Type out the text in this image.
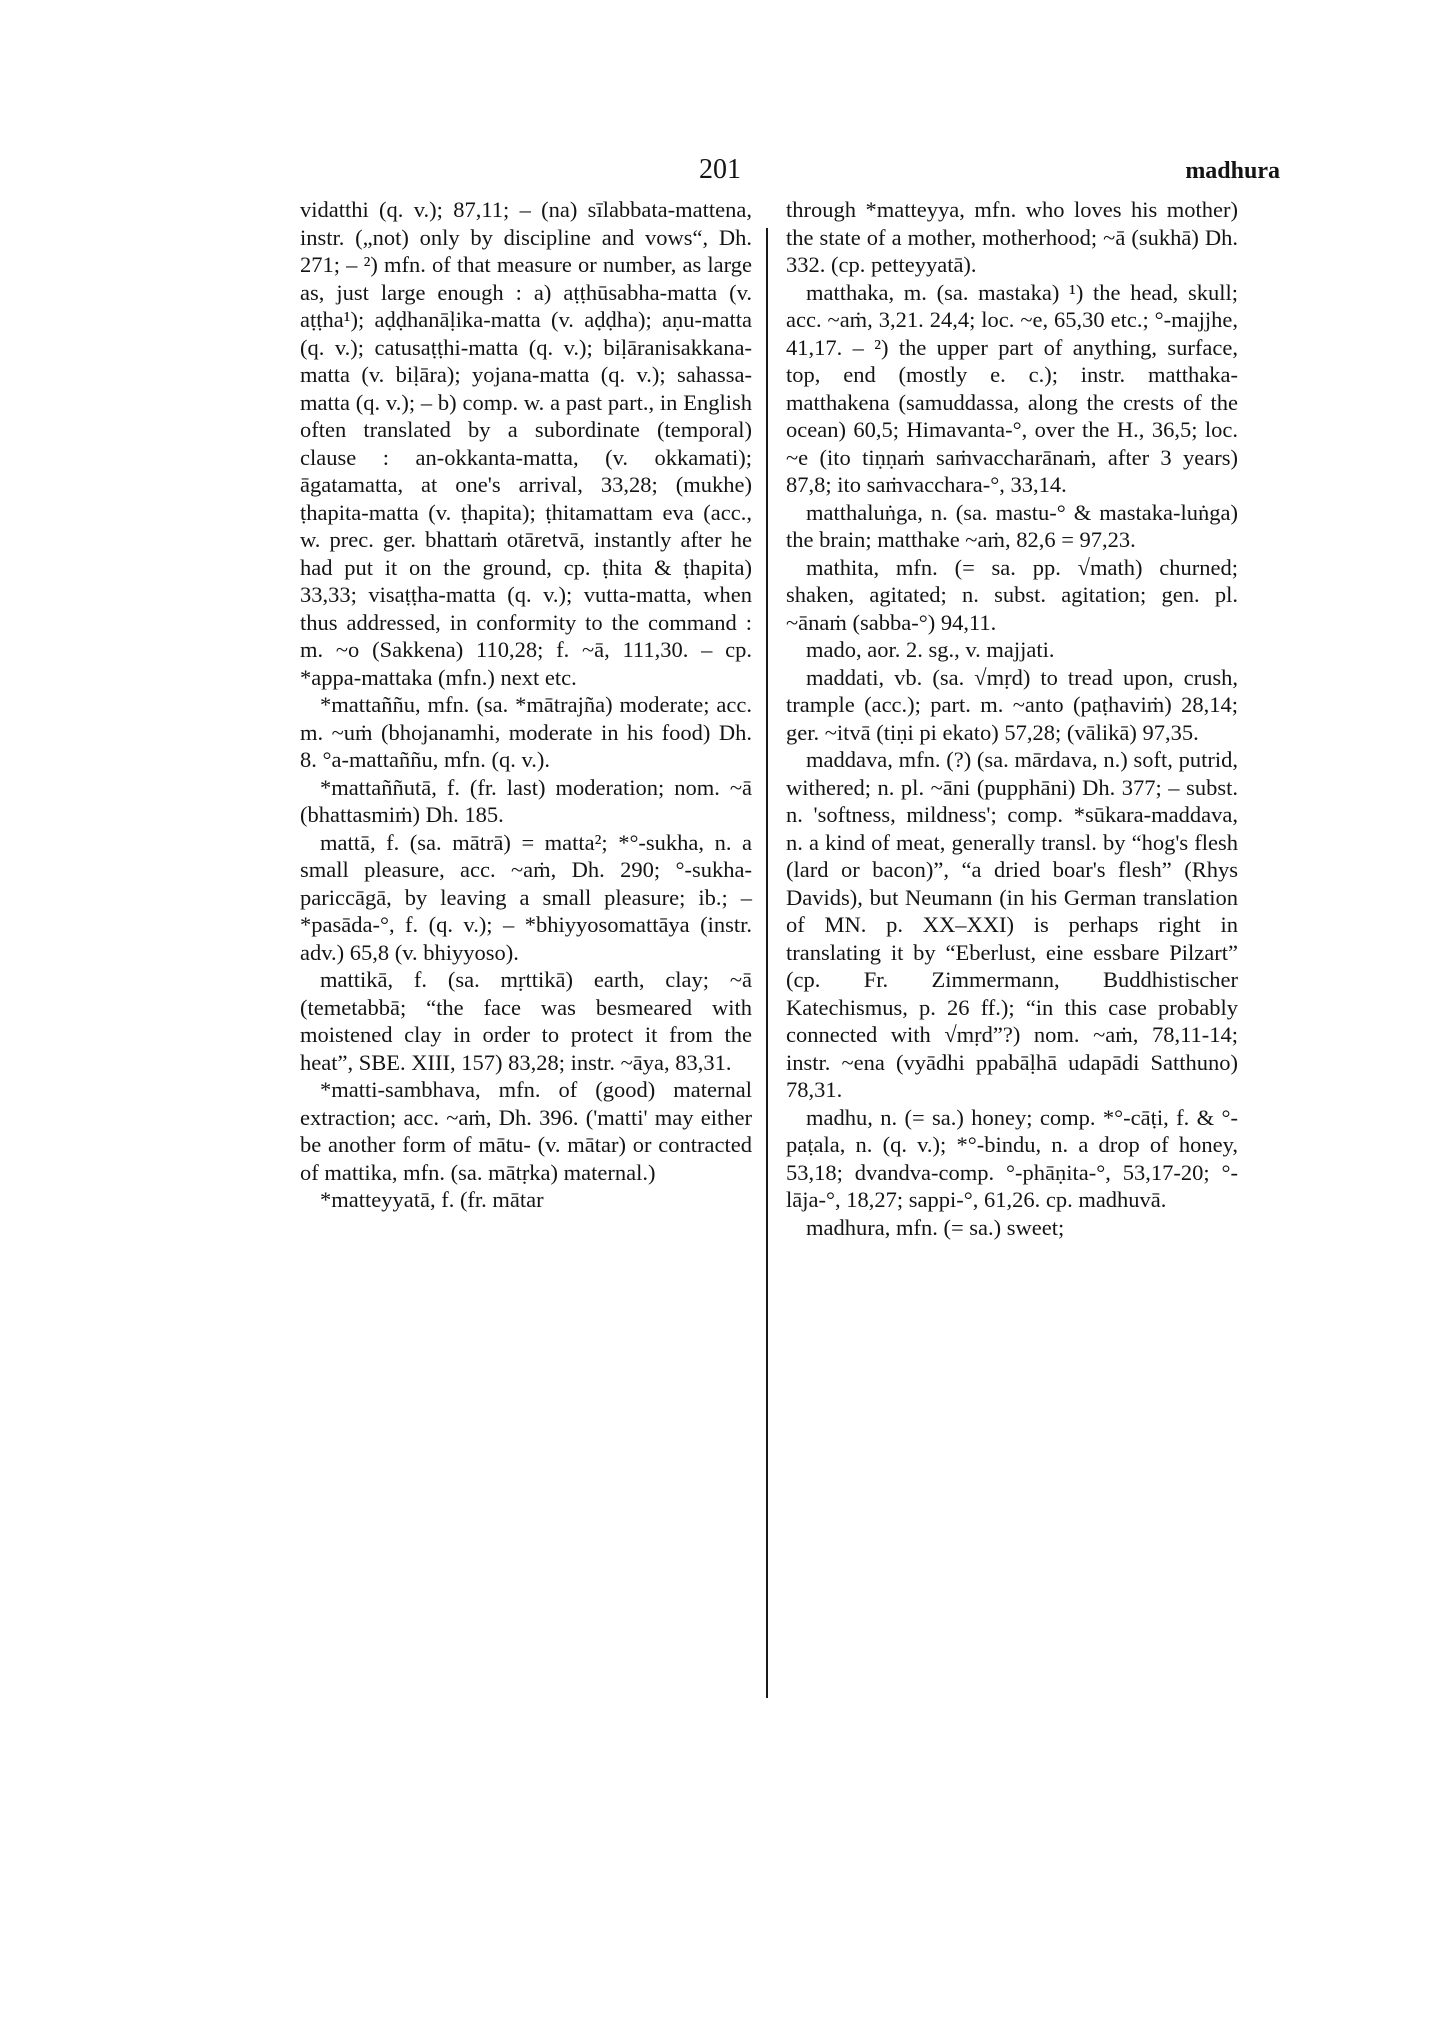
201	madhura

vidatthi (q. v.); 87,11; – (na) sīlabbata-mattena, instr. („not) only by discipline and vows“, Dh. 271; – ²) mfn. of that measure or number, as large as, just large enough : a) aṭṭhūsabha-matta (v. aṭṭha¹); aḍḍhanāḷika-matta (v. aḍḍha); aṇu-matta (q. v.); catusaṭṭhi-matta (q. v.); biḷāranisakkana-matta (v. biḷāra); yojana-matta (q. v.); sahassa-matta (q. v.); – b) comp. w. a past part., in English often translated by a subordinate (temporal) clause : an-okkanta-matta, (v. okkamati); āgatamatta, at one's arrival, 33,28; (mukhe) ṭhapita-matta (v. ṭhapita); ṭhitamattam eva (acc., w. prec. ger. bhattaṁ otāretvā, instantly after he had put it on the ground, cp. ṭhita & ṭhapita) 33,33; visaṭṭha-matta (q. v.); vutta-matta, when thus addressed, in conformity to the command : m. ~o (Sakkena) 110,28; f. ~ā, 111,30. – cp. *appa-mattaka (mfn.) next etc.

*mattaññu, mfn. (sa. *mātrajña) moderate; acc. m. ~uṁ (bhojanamhi, moderate in his food) Dh. 8. °a-mattaññu, mfn. (q. v.).

*mattaññutā, f. (fr. last) moderation; nom. ~ā (bhattasmiṁ) Dh. 185.

mattā, f. (sa. mātrā) = matta²; *°-sukha, n. a small pleasure, acc. ~aṁ, Dh. 290; °-sukha-pariccāgā, by leaving a small pleasure; ib.; – *pasāda-°, f. (q. v.); – *bhiyyosomattāya (instr. adv.) 65,8 (v. bhiyyoso).

mattikā, f. (sa. mṛttikā) earth, clay; ~ā (temetabbā; “the face was besmeared with moistened clay in order to protect it from the heat”, SBE. XIII, 157) 83,28; instr. ~āya, 83,31.

*matti-sambhava, mfn. of (good) maternal extraction; acc. ~aṁ, Dh. 396. ('matti' may either be another form of mātu- (v. mātar) or contracted of mattika, mfn. (sa. mātṛka) maternal.)

*matteyyatā, f. (fr. mātar

through *matteyya, mfn. who loves his mother) the state of a mother, motherhood; ~ā (sukhā) Dh. 332. (cp. petteyyatā).

matthaka, m. (sa. mastaka) ¹) the head, skull; acc. ~aṁ, 3,21. 24,4; loc. ~e, 65,30 etc.; °-majjhe, 41,17. – ²) the upper part of anything, surface, top, end (mostly e. c.); instr. matthaka-matthakena (samuddassa, along the crests of the ocean) 60,5; Himavanta-°, over the H., 36,5; loc. ~e (ito tiṇṇaṁ saṁvaccharānaṁ, after 3 years) 87,8; ito saṁvacchara-°, 33,14.

matthaluṅga, n. (sa. mastu-° & mastaka-luṅga) the brain; matthake ~aṁ, 82,6 = 97,23.

mathita, mfn. (= sa. pp. √math) churned; shaken, agitated; n. subst. agitation; gen. pl. ~ānaṁ (sabba-°) 94,11.

mado, aor. 2. sg., v. majjati.

maddati, vb. (sa. √mṛd) to tread upon, crush, trample (acc.); part. m. ~anto (paṭhaviṁ) 28,14; ger. ~itvā (tiṇi pi ekato) 57,28; (vālikā) 97,35.

maddava, mfn. (?) (sa. mārdava, n.) soft, putrid, withered; n. pl. ~āni (pupphāni) Dh. 377; – subst. n. 'softness, mildness'; comp. *sūkara-maddava, n. a kind of meat, generally transl. by “hog's flesh (lard or bacon)”, “a dried boar's flesh” (Rhys Davids), but Neumann (in his German translation of MN. p. XX–XXI) is perhaps right in translating it by “Eberlust, eine essbare Pilzart” (cp. Fr. Zimmermann, Buddhistischer Katechismus, p. 26 ff.); “in this case probably connected with √mṛd”?) nom. ~aṁ, 78,11-14; instr. ~ena (vyādhi ppabāḷhā udapādi Satthuno) 78,31.

madhu, n. (= sa.) honey; comp. *°-cāṭi, f. & °-paṭala, n. (q. v.); *°-bindu, n. a drop of honey, 53,18; dvandva-comp. °-phāṇita-°, 53,17-20; °-lāja-°, 18,27; sappi-°, 61,26. cp. madhuvā.

madhura, mfn. (= sa.) sweet;
